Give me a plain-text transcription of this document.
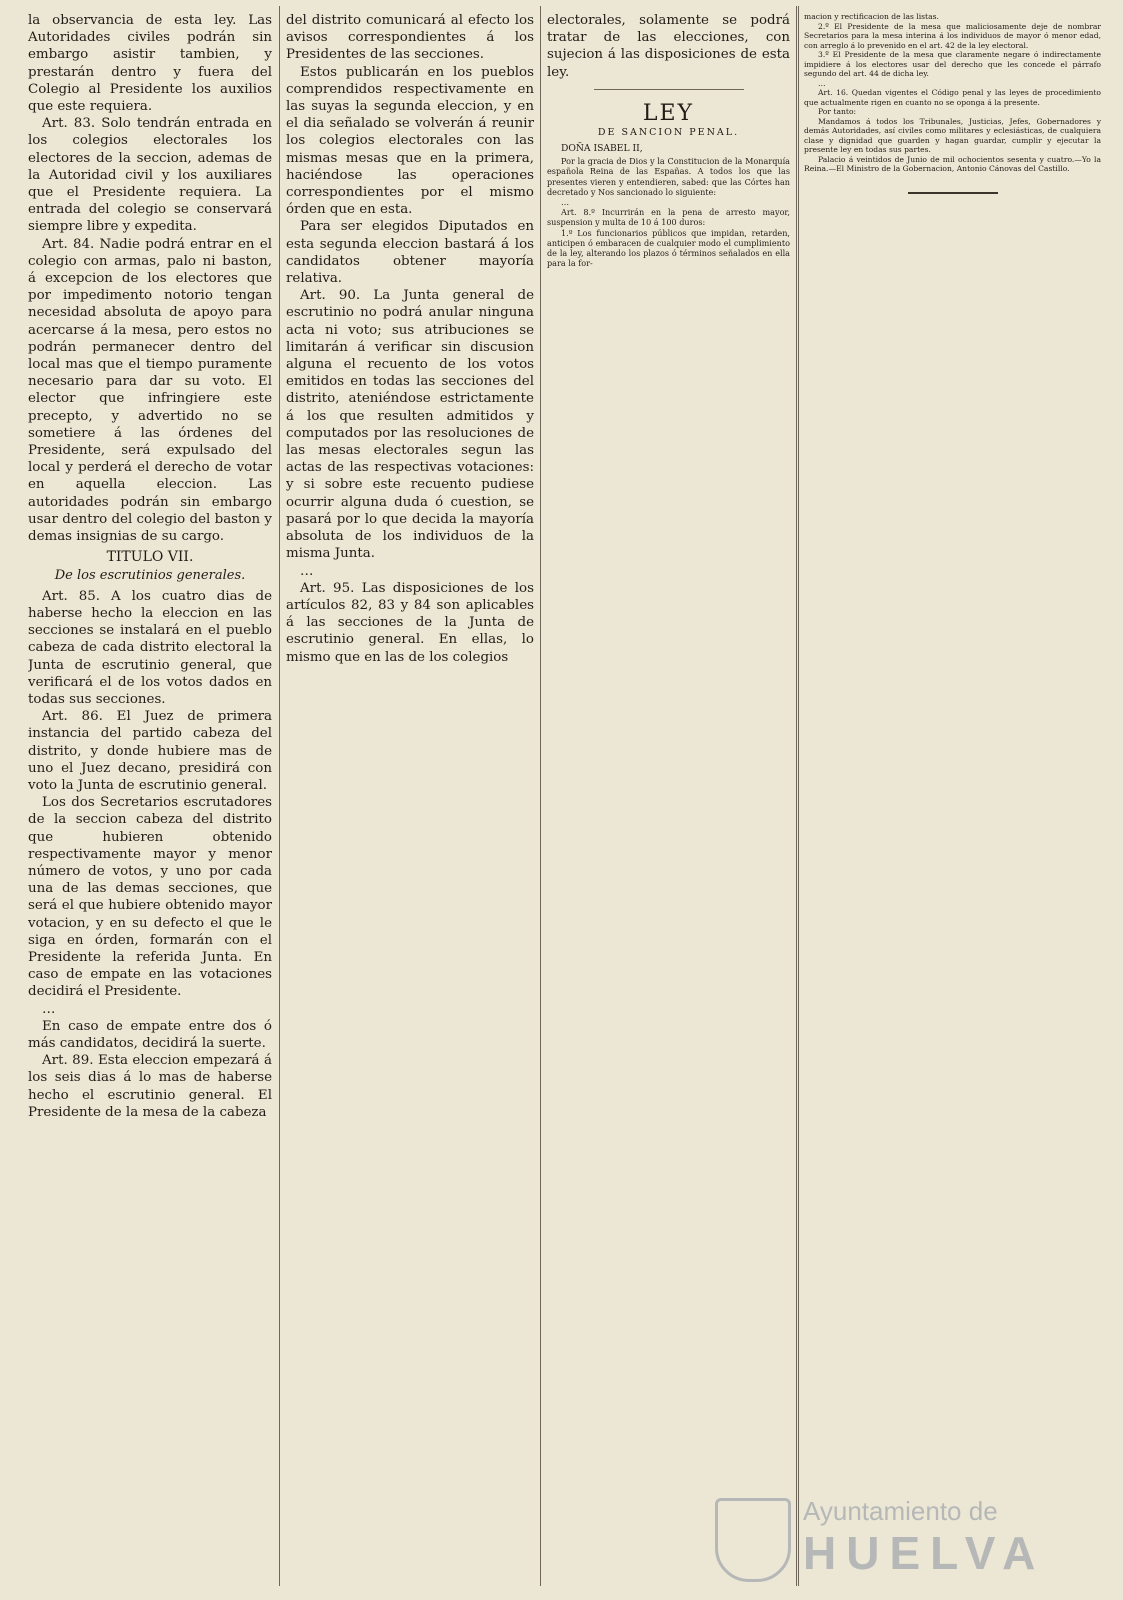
la observancia de esta ley. Las Autoridades civiles podrán sin embargo asistir tambien, y prestarán dentro y fuera del Colegio al Presidente los auxilios que este requiera.

Art. 83. Solo tendrán entrada en los colegios electorales los electores de la seccion, ademas de la Autoridad civil y los auxiliares que el Presidente requiera. La entrada del colegio se conservará siempre libre y expedita.

Art. 84. Nadie podrá entrar en el colegio con armas, palo ni baston, á excepcion de los electores que por impedimento notorio tengan necesidad absoluta de apoyo para acercarse á la mesa, pero estos no podrán permanecer dentro del local mas que el tiempo puramente necesario para dar su voto. El elector que infringiere este precepto, y advertido no se sometiere á las órdenes del Presidente, será expulsado del local y perderá el derecho de votar en aquella eleccion. Las autoridades podrán sin embargo usar dentro del colegio del baston y demas insignias de su cargo.

TITULO VII.

De los escrutinios generales.

Art. 85. A los cuatro dias de haberse hecho la eleccion en las secciones se instalará en el pueblo cabeza de cada distrito electoral la Junta de escrutinio general, que verificará el de los votos dados en todas sus secciones.

Art. 86. El Juez de primera instancia del partido cabeza del distrito, y donde hubiere mas de uno el Juez decano, presidirá con voto la Junta de escrutinio general.

Los dos Secretarios escrutadores de la seccion cabeza del distrito que hubieren obtenido respectivamente mayor y menor número de votos, y uno por cada una de las demas secciones, que será el que hubiere obtenido mayor votacion, y en su defecto el que le siga en órden, formarán con el Presidente la referida Junta. En caso de empate en las votaciones decidirá el Presidente.

…

En caso de empate entre dos ó más candidatos, decidirá la suerte.

Art. 89. Esta eleccion empezará á los seis dias á lo mas de haberse hecho el escrutinio general. El Presidente de la mesa de la cabeza

del distrito comunicará al efecto los avisos correspondientes á los Presidentes de las secciones.

Estos publicarán en los pueblos comprendidos respectivamente en las suyas la segunda eleccion, y en el dia señalado se volverán á reunir los colegios electorales con las mismas mesas que en la primera, haciéndose las operaciones correspondientes por el mismo órden que en esta.

Para ser elegidos Diputados en esta segunda eleccion bastará á los candidatos obtener mayoría relativa.

Art. 90. La Junta general de escrutinio no podrá anular ninguna acta ni voto; sus atribuciones se limitarán á verificar sin discusion alguna el recuento de los votos emitidos en todas las secciones del distrito, ateniéndose estrictamente á los que resulten admitidos y computados por las resoluciones de las mesas electorales segun las actas de las respectivas votaciones: y si sobre este recuento pudiese ocurrir alguna duda ó cuestion, se pasará por lo que decida la mayoría absoluta de los individuos de la misma Junta.

…

Art. 95. Las disposiciones de los artículos 82, 83 y 84 son aplicables á las secciones de la Junta de escrutinio general. En ellas, lo mismo que en las de los colegios

electorales, solamente se podrá tratar de las elecciones, con sujecion á las disposiciones de esta ley.

LEY

DE SANCION PENAL.

DOÑA ISABEL II,

Por la gracia de Dios y la Constitucion de la Monarquía española Reina de las Españas. A todos los que las presentes vieren y entendieren, sabed: que las Córtes han decretado y Nos sancionado lo siguiente:

…

Art. 8.º Incurrirán en la pena de arresto mayor, suspension y multa de 10 á 100 duros:

1.º Los funcionarios públicos que impidan, retarden, anticipen ó embaracen de cualquier modo el cumplimiento de la ley, alterando los plazos ó términos señalados en ella para la for-

macion y rectificacion de las listas.

2.º El Presidente de la mesa que maliciosamente deje de nombrar Secretarios para la mesa interina á los individuos de mayor ó menor edad, con arreglo á lo prevenido en el art. 42 de la ley electoral.

3.º El Presidente de la mesa que claramente negare ó indirectamente impidiere á los electores usar del derecho que les concede el párrafo segundo del art. 44 de dicha ley.

…

Art. 16. Quedan vigentes el Código penal y las leyes de procedimiento que actualmente rigen en cuanto no se oponga á la presente.

Por tanto:

Mandamos á todos los Tribunales, Justicias, Jefes, Gobernadores y demás Autoridades, así civiles como militares y eclesiásticas, de cualquiera clase y dignidad que guarden y hagan guardar, cumplir y ejecutar la presente ley en todas sus partes.

Palacio á veintidos de Junio de mil ochocientos sesenta y cuatro.—Yo la Reina.—El Ministro de la Gobernacion, Antonio Cánovas del Castillo.

Ayuntamiento de
HUELVA
